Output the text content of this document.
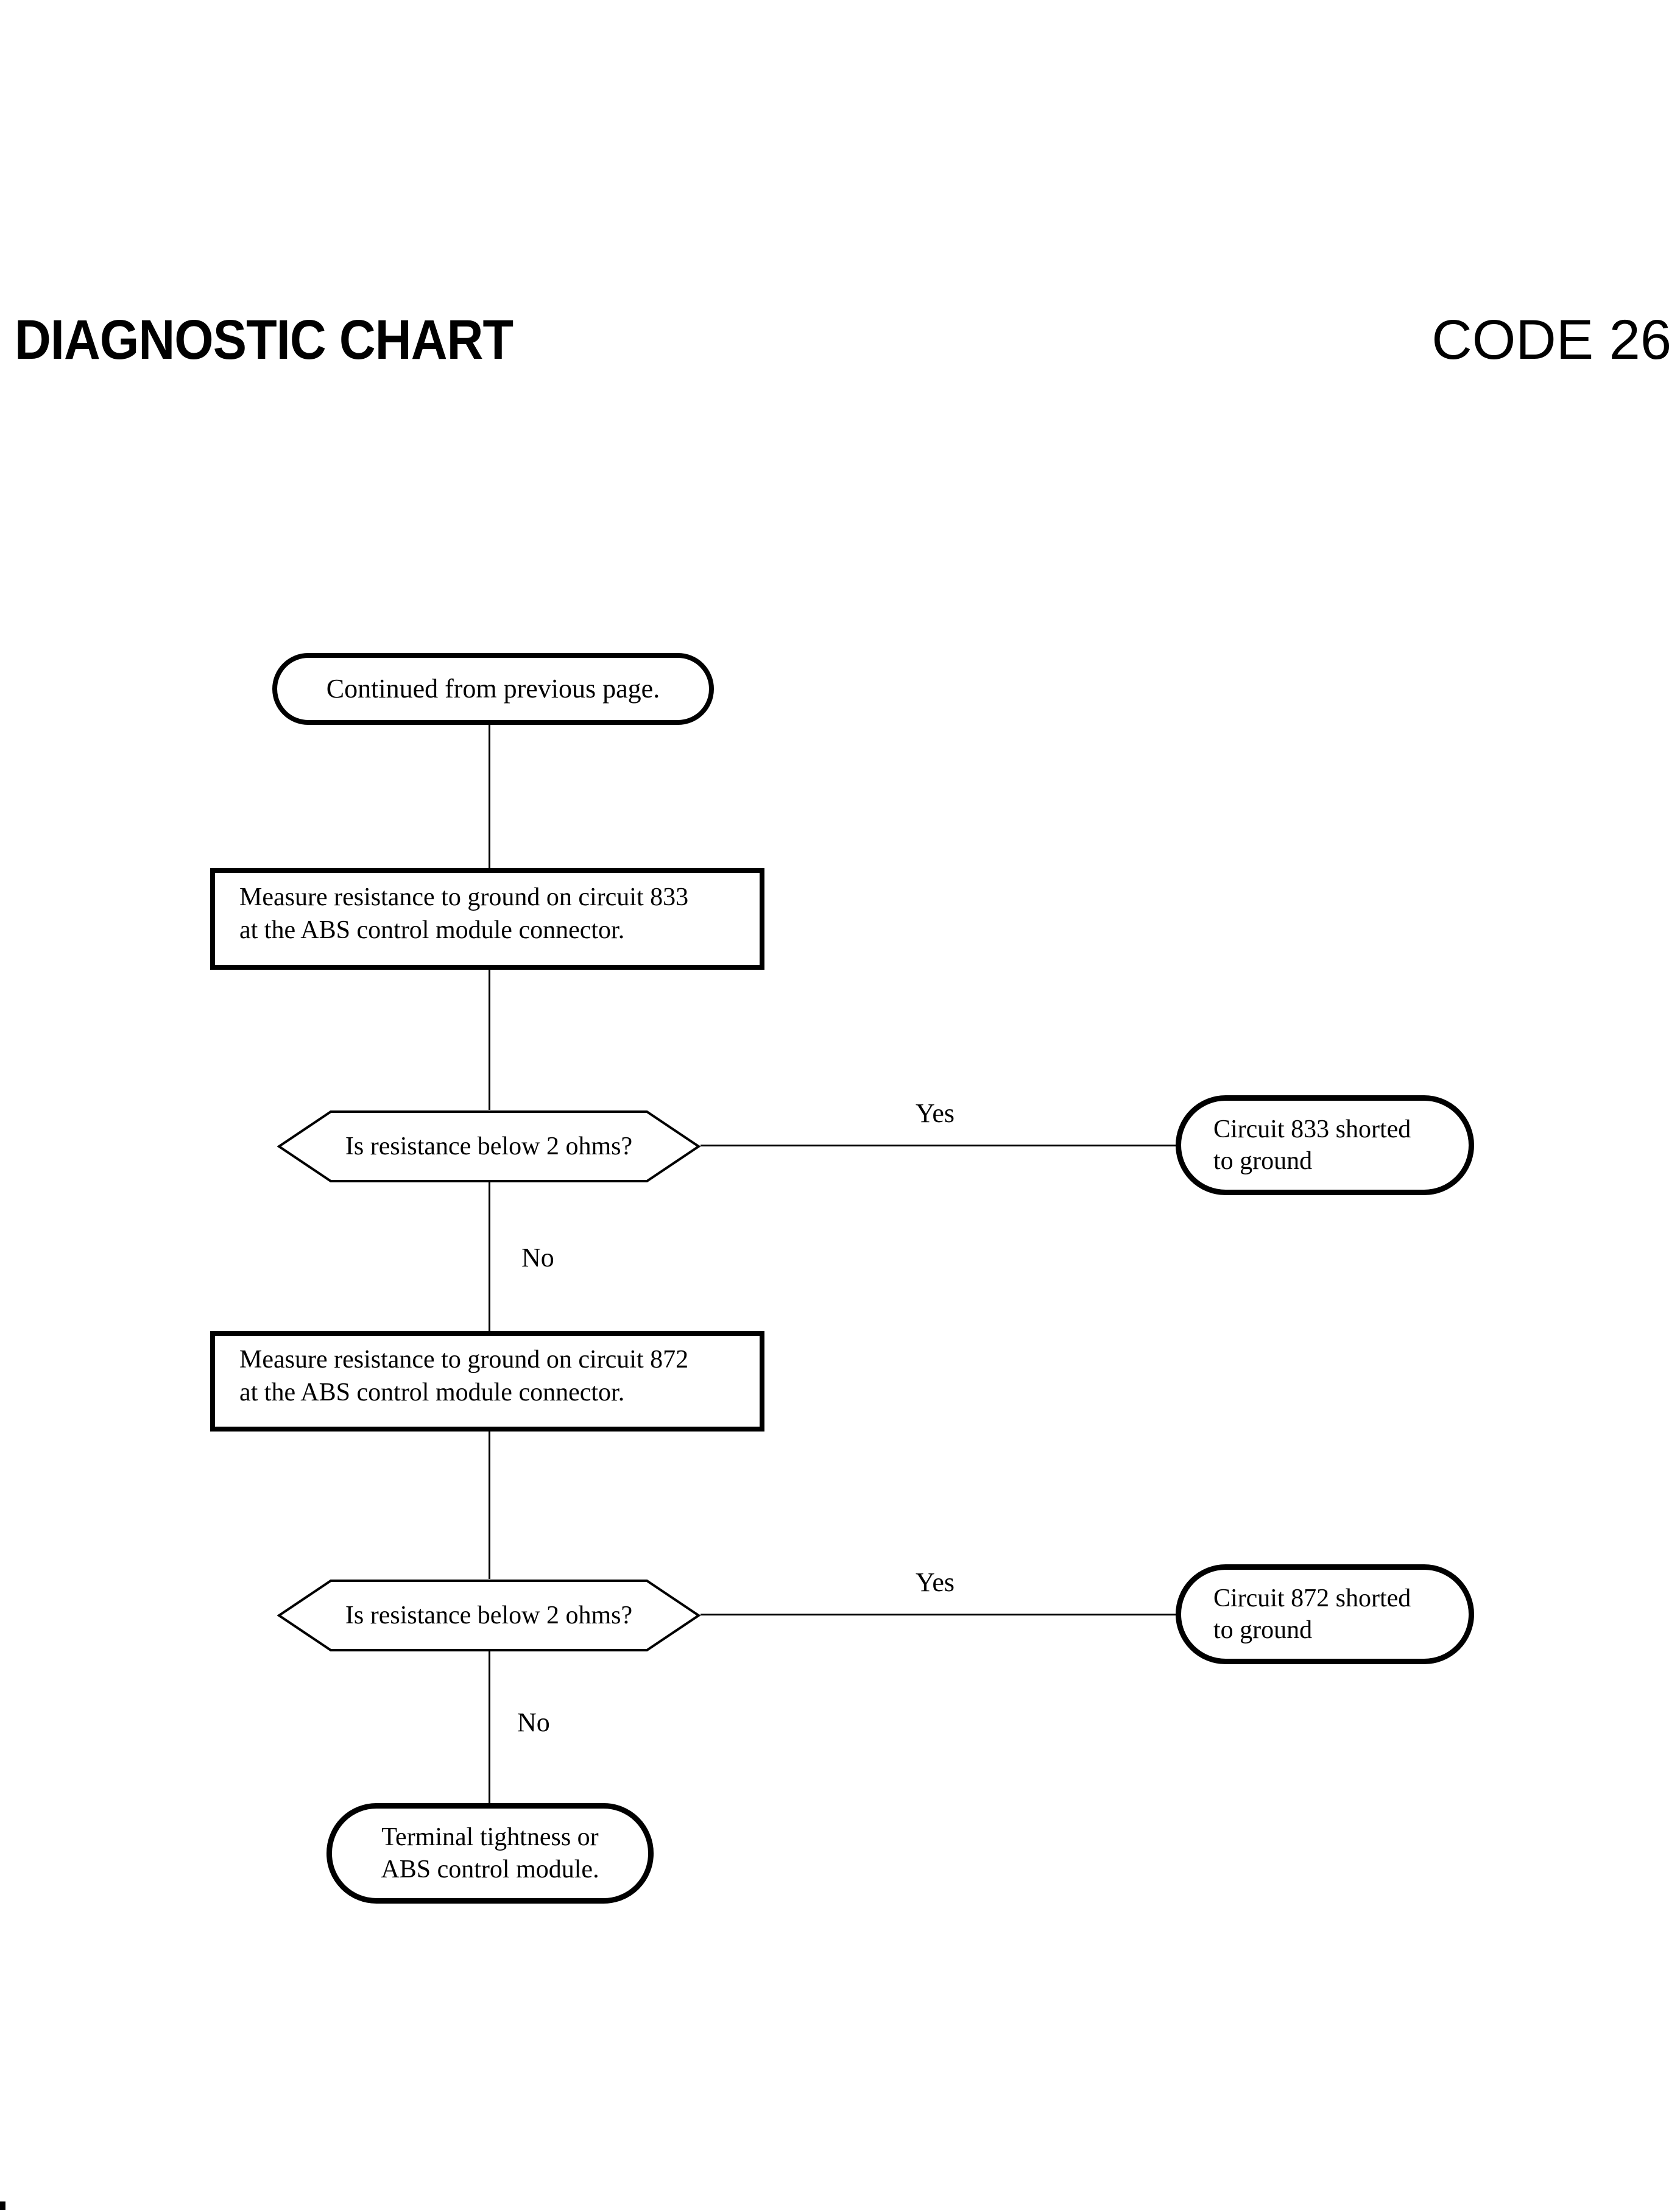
DIAGNOSTIC CHART	CODE 26
Continued from previous page.
Measure resistance to ground on circuit 833
at the ABS control module connector.
Is resistance below 2 ohms?
Yes
Circuit 833 shorted
to ground
No
Measure resistance to ground on circuit 872
at the ABS control module connector.
Is resistance below 2 ohms?
Yes
Circuit 872 shorted
to ground
No
Terminal tightness or
ABS control module.
